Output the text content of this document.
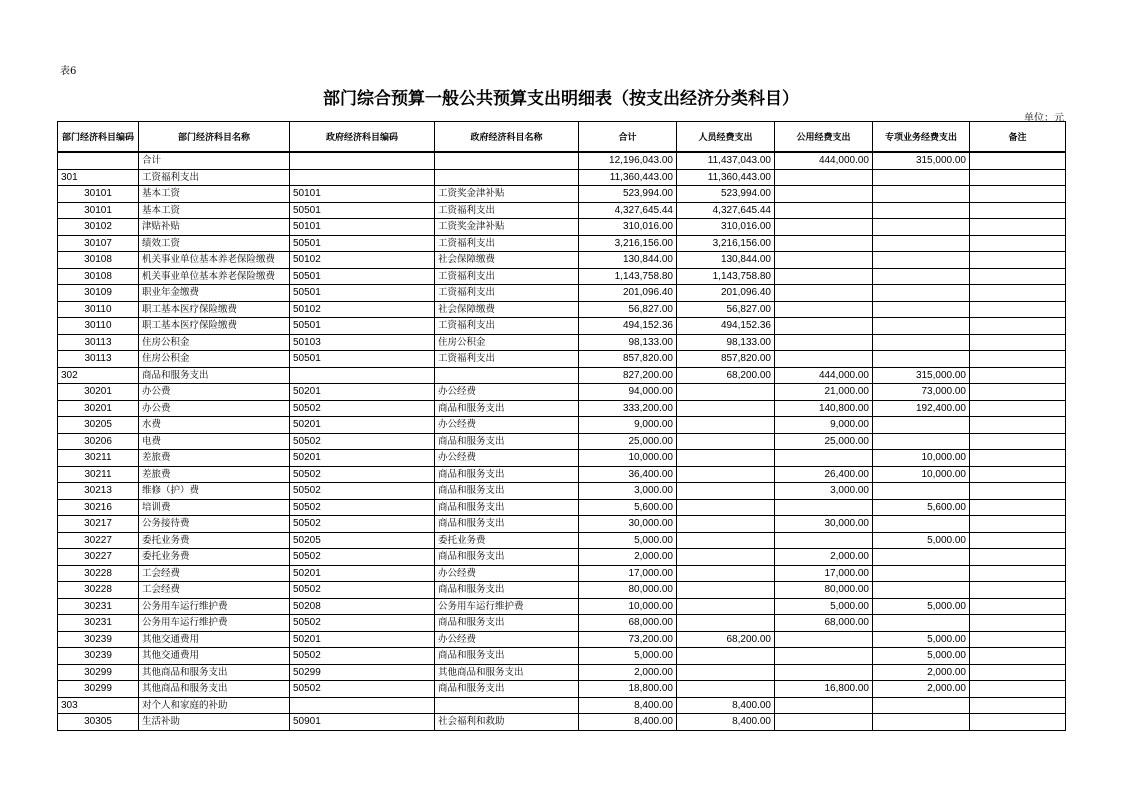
表6
部门综合预算一般公共预算支出明细表（按支出经济分类科目）
单位：元
部门经济科目编码	部门经济科目名称	政府经济科目编码	政府经济科目名称	合计	人员经费支出	公用经费支出	专项业务经费支出	备注
	合计			12,196,043.00	11,437,043.00	444,000.00	315,000.00	
301	工资福利支出			11,360,443.00	11,360,443.00			
30101	基本工资	50101	工资奖金津补贴	523,994.00	523,994.00			
30101	基本工资	50501	工资福利支出	4,327,645.44	4,327,645.44			
30102	津贴补贴	50101	工资奖金津补贴	310,016.00	310,016.00			
30107	绩效工资	50501	工资福利支出	3,216,156.00	3,216,156.00			
30108	机关事业单位基本养老保险缴费	50102	社会保障缴费	130,844.00	130,844.00			
30108	机关事业单位基本养老保险缴费	50501	工资福利支出	1,143,758.80	1,143,758.80			
30109	职业年金缴费	50501	工资福利支出	201,096.40	201,096.40			
30110	职工基本医疗保险缴费	50102	社会保障缴费	56,827.00	56,827.00			
30110	职工基本医疗保险缴费	50501	工资福利支出	494,152.36	494,152.36			
30113	住房公积金	50103	住房公积金	98,133.00	98,133.00			
30113	住房公积金	50501	工资福利支出	857,820.00	857,820.00			
302	商品和服务支出			827,200.00	68,200.00	444,000.00	315,000.00	
30201	办公费	50201	办公经费	94,000.00		21,000.00	73,000.00	
30201	办公费	50502	商品和服务支出	333,200.00		140,800.00	192,400.00	
30205	水费	50201	办公经费	9,000.00		9,000.00		
30206	电费	50502	商品和服务支出	25,000.00		25,000.00		
30211	差旅费	50201	办公经费	10,000.00			10,000.00	
30211	差旅费	50502	商品和服务支出	36,400.00		26,400.00	10,000.00	
30213	维修（护）费	50502	商品和服务支出	3,000.00		3,000.00		
30216	培训费	50502	商品和服务支出	5,600.00			5,600.00	
30217	公务接待费	50502	商品和服务支出	30,000.00		30,000.00		
30227	委托业务费	50205	委托业务费	5,000.00			5,000.00	
30227	委托业务费	50502	商品和服务支出	2,000.00		2,000.00		
30228	工会经费	50201	办公经费	17,000.00		17,000.00		
30228	工会经费	50502	商品和服务支出	80,000.00		80,000.00		
30231	公务用车运行维护费	50208	公务用车运行维护费	10,000.00		5,000.00	5,000.00	
30231	公务用车运行维护费	50502	商品和服务支出	68,000.00		68,000.00		
30239	其他交通费用	50201	办公经费	73,200.00	68,200.00		5,000.00	
30239	其他交通费用	50502	商品和服务支出	5,000.00			5,000.00	
30299	其他商品和服务支出	50299	其他商品和服务支出	2,000.00			2,000.00	
30299	其他商品和服务支出	50502	商品和服务支出	18,800.00		16,800.00	2,000.00	
303	对个人和家庭的补助			8,400.00	8,400.00			
30305	生活补助	50901	社会福利和救助	8,400.00	8,400.00			
